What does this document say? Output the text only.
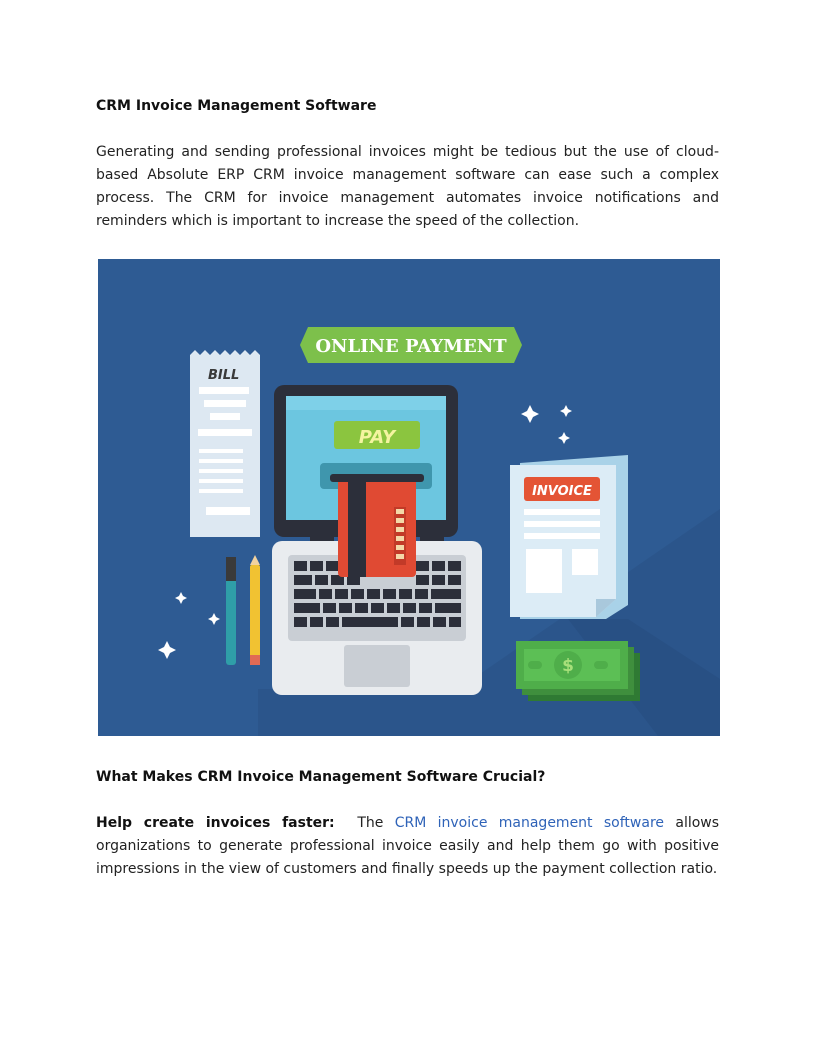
CRM Invoice Management Software

Generating and sending professional invoices might be tedious but the use of cloud-based Absolute ERP CRM invoice management software can ease such a complex process. The CRM for invoice management automates invoice notifications and reminders which is important to increase the speed of the collection.

ONLINE PAYMENT
BILL
PAY
INVOICE
$
What Makes CRM Invoice Management Software Crucial?

Help create invoices faster: The CRM invoice management software allows organizations to generate professional invoice easily and help them go with positive impressions in the view of customers and finally speeds up the payment collection ratio.
